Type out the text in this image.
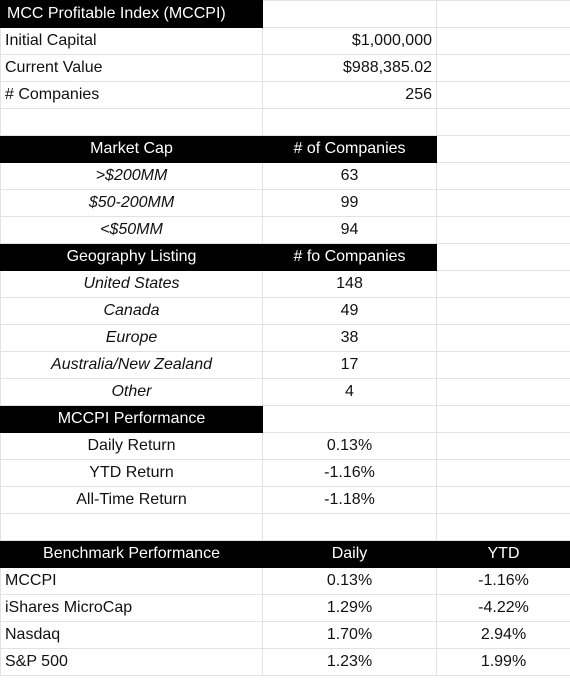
MCC Profitable Index (MCCPI)		
Initial Capital	$1,000,000	
Current Value	$988,385.02	
# Companies	256	

Market Cap	# of Companies	
>$200MM	63	
$50-200MM	99	
<$50MM	94	
Geography Listing	# fo Companies	
United States	148	
Canada	49	
Europe	38	
Australia/New Zealand	17	
Other	4	
MCCPI Performance		
Daily Return	0.13%	
YTD Return	-1.16%	
All-Time Return	-1.18%	

Benchmark Performance	Daily	YTD
MCCPI	0.13%	-1.16%
iShares MicroCap	1.29%	-4.22%
Nasdaq	1.70%	2.94%
S&P 500	1.23%	1.99%
